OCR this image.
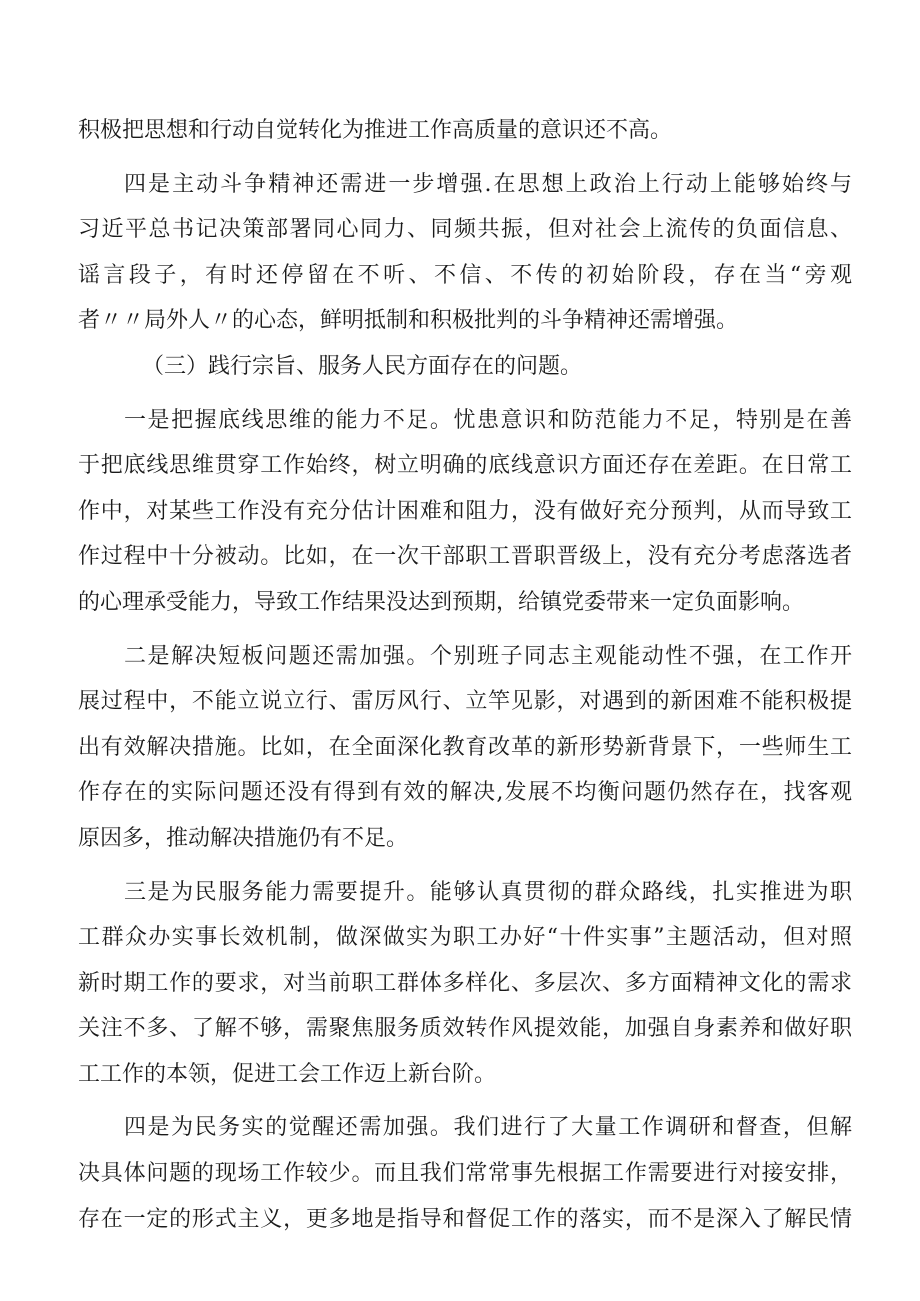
积极把思想和行动自觉转化为推进工作高质量的意识还不高。
四是主动斗争精神还需进一步增强.在思想上政治上行动上能够始终与
习近平总书记决策部署同心同力、同频共振，但对社会上流传的负面信息、
谣言段子，有时还停留在不听、不信、不传的初始阶段，存在当“旁观
者〃〃局外人〃的心态，鲜明抵制和积极批判的斗争精神还需增强。
（三）践行宗旨、服务人民方面存在的问题。
一是把握底线思维的能力不足。忧患意识和防范能力不足，特别是在善
于把底线思维贯穿工作始终，树立明确的底线意识方面还存在差距。在日常工
作中，对某些工作没有充分估计困难和阻力，没有做好充分预判，从而导致工
作过程中十分被动。比如，在一次干部职工晋职晋级上，没有充分考虑落选者
的心理承受能力，导致工作结果没达到预期，给镇党委带来一定负面影响。
二是解决短板问题还需加强。个别班子同志主观能动性不强，在工作开
展过程中，不能立说立行、雷厉风行、立竿见影，对遇到的新困难不能积极提
出有效解决措施。比如，在全面深化教育改革的新形势新背景下，一些师生工
作存在的实际问题还没有得到有效的解决,发展不均衡问题仍然存在，找客观
原因多，推动解决措施仍有不足。
三是为民服务能力需要提升。能够认真贯彻的群众路线，扎实推进为职
工群众办实事长效机制，做深做实为职工办好“十件实事”主题活动，但对照
新时期工作的要求，对当前职工群体多样化、多层次、多方面精神文化的需求
关注不多、了解不够，需聚焦服务质效转作风提效能，加强自身素养和做好职
工工作的本领，促进工会工作迈上新台阶。
四是为民务实的觉醒还需加强。我们进行了大量工作调研和督查，但解
决具体问题的现场工作较少。而且我们常常事先根据工作需要进行对接安排，
存在一定的形式主义，更多地是指导和督促工作的落实，而不是深入了解民情
